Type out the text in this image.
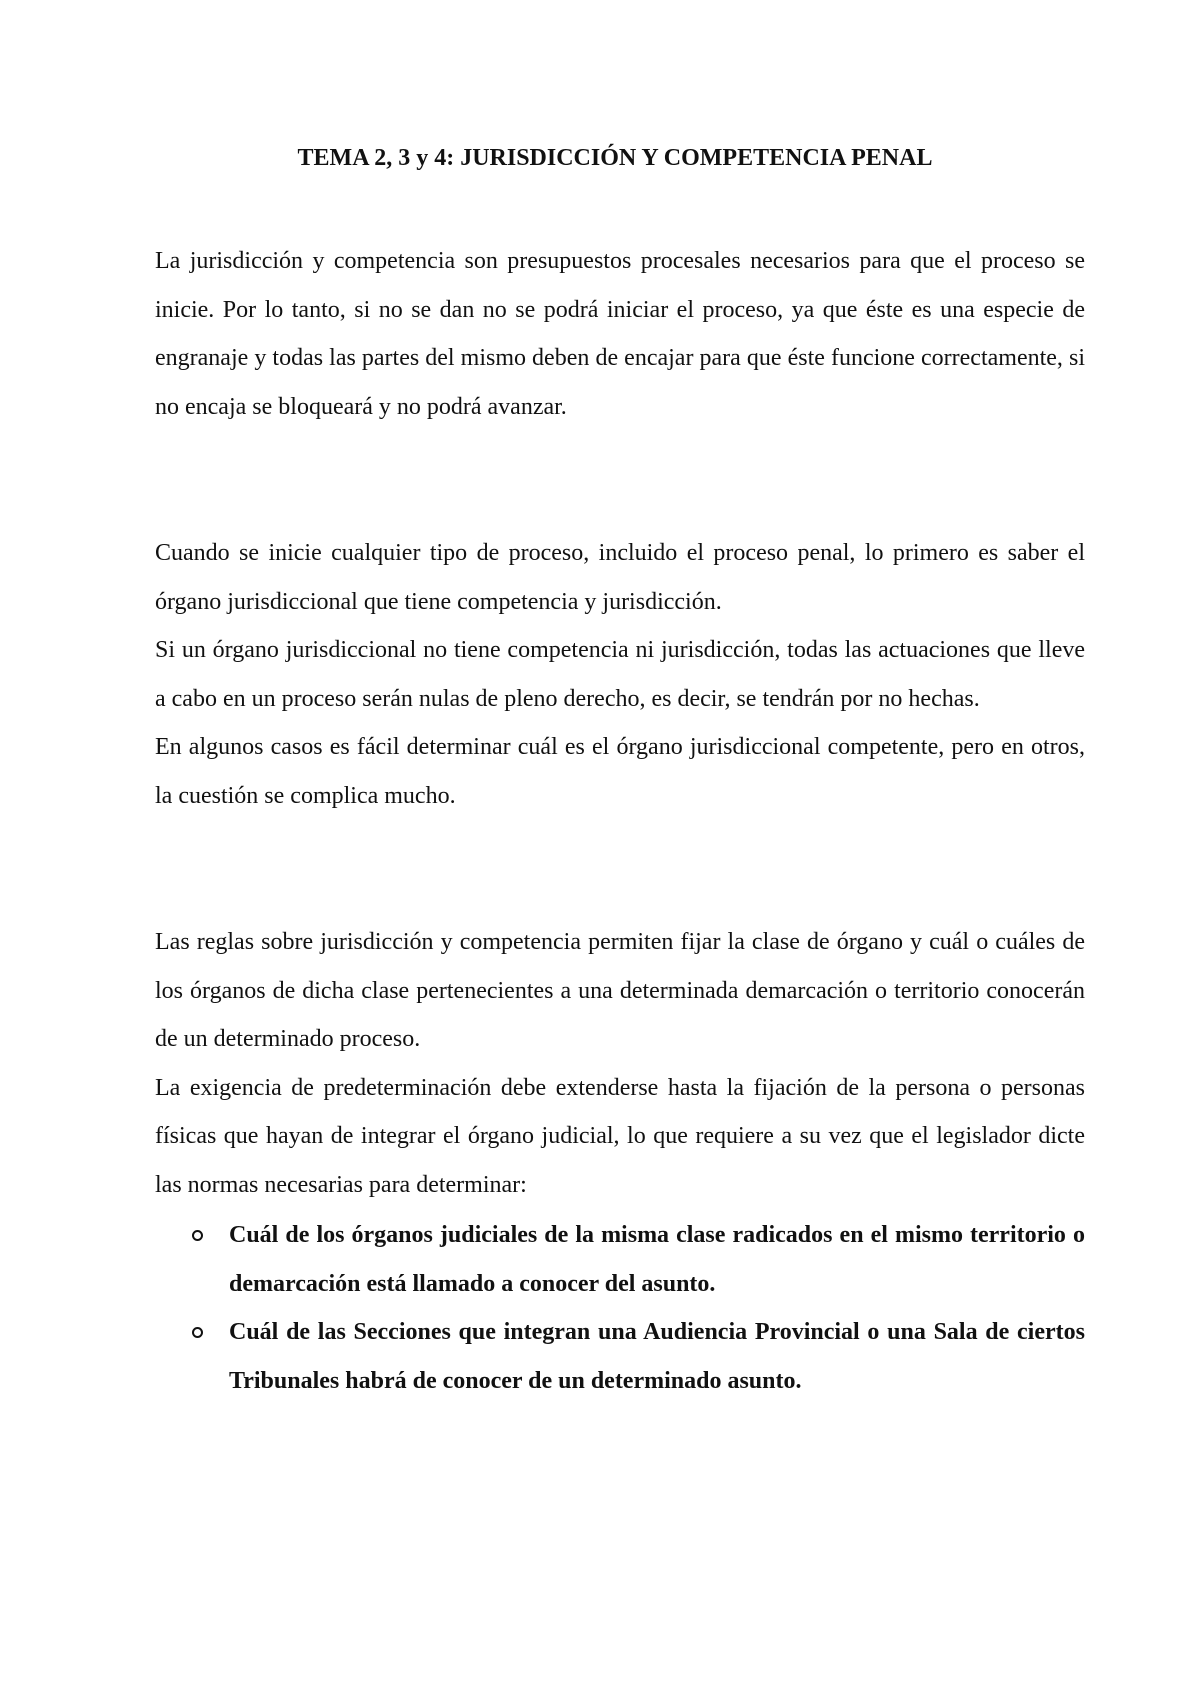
TEMA 2, 3 y 4: JURISDICCIÓN Y COMPETENCIA PENAL

La jurisdicción y competencia son presupuestos procesales necesarios para que el proceso se inicie. Por lo tanto, si no se dan no se podrá iniciar el proceso, ya que éste es una especie de engranaje y todas las partes del mismo deben de encajar para que éste funcione correctamente, si no encaja se bloqueará y no podrá avanzar.

Cuando se inicie cualquier tipo de proceso, incluido el proceso penal, lo primero es saber el órgano jurisdiccional que tiene competencia y jurisdicción.

Si un órgano jurisdiccional no tiene competencia ni jurisdicción, todas las actuaciones que lleve a cabo en un proceso serán nulas de pleno derecho, es decir, se tendrán por no hechas.

En algunos casos es fácil determinar cuál es el órgano jurisdiccional competente, pero en otros, la cuestión se complica mucho.

Las reglas sobre jurisdicción y competencia permiten fijar la clase de órgano y cuál o cuáles de los órganos de dicha clase pertenecientes a una determinada demarcación o territorio conocerán de un determinado proceso.

La exigencia de predeterminación debe extenderse hasta la fijación de la persona o personas físicas que hayan de integrar el órgano judicial, lo que requiere a su vez que el legislador dicte las normas necesarias para determinar:

Cuál de los órganos judiciales de la misma clase radicados en el mismo territorio o demarcación está llamado a conocer del asunto.
Cuál de las Secciones que integran una Audiencia Provincial o una Sala de ciertos Tribunales habrá de conocer de un determinado asunto.
